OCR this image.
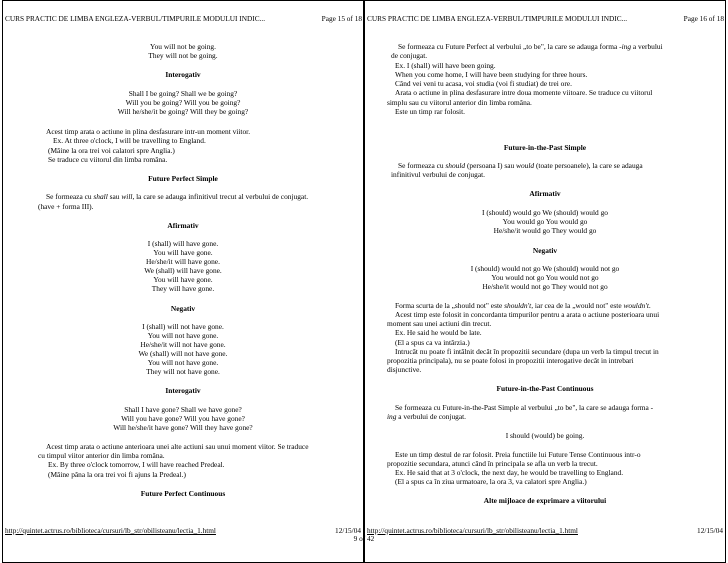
CURS PRACTIC DE LIMBA ENGLEZA-VERBUL/TIMPURILE MODULUI INDIC...	Page 15 of 18
You will not be going.
They will not be going.
Interogativ
Shall I be going? Shall we be going?
Will you be going? Will you be going?
Will he/she/it be going? Will they be going?
Acest timp arata o actiune in plina desfasurare intr-un moment viitor.
Ex. At three o'clock, I will be travelling to England.
(Mâine la ora trei voi calatori spre Anglia.)
Se traduce cu viitorul din limba româna.
Future Perfect Simple
Se formeaza cu shall sau will, la care se adauga infinitivul trecut al verbului de conjugat.
(have + forma III).
Afirmativ
I (shall) will have gone.
You will have gone.
He/she/it will have gone.
We (shall) will have gone.
You will have gone.
They will have gone.
Negativ
I (shall) will not have gone.
You will not have gone.
He/she/it will not have gone.
We (shall) will not have gone.
You will not have gone.
They will not have gone.
Interogativ
Shall I have gone? Shall we have gone?
Will you have gone? Will you have gone?
Will he/she/it have gone? Will they have gone?
Acest timp arata o actiune anterioara unei alte actiuni sau unui moment viitor. Se traduce
cu timpul viitor anterior din limba româna.
Ex. By three o'clock tomorrow, I will have reached Predeal.
(Mâine pâna la ora trei voi fi ajuns la Predeal.)
Future Perfect Continuous
http://quintet.actrus.ro/biblioteca/cursuri/lb_str/obilisteanu/lectia_1.html	12/15/04
CURS PRACTIC DE LIMBA ENGLEZA-VERBUL/TIMPURILE MODULUI INDIC...	Page 16 of 18
Se formeaza cu Future Perfect al verbului „to be", la care se adauga forma -ing a verbului
de conjugat.
Ex. I (shall) will have been going.
When you come home, I will have been studying for three hours.
Când vei veni tu acasa, voi studia (voi fi studiat) de trei ore.
Arata o actiune in plina desfasurare intre doua momente viitoare. Se traduce cu viitorul
simplu sau cu viitorul anterior din limba româna.
Este un timp rar folosit.
Future-in-the-Past Simple
Se formeaza cu should (persoana I) sau would (toate persoanele), la care se adauga
infinitivul verbului de conjugat.
Afirmativ
I (should) would go We (should) would go
You would go You would go
He/she/it would go They would go
Negativ
I (should) would not go We (should) would not go
You would not go You would not go
He/she/it would not go They would not go
Forma scurta de la „should not" este shouldn't, iar cea de la „would not" este wouldn't.
Acest timp este folosit in concordanta timpurilor pentru a arata o actiune posterioara unui
moment sau unei actiuni din trecut.
Ex. He said he would be late.
(El a spus ca va intârzia.)
Intrucât nu poate fi intâlnit decât în propozitii secundare (dupa un verb la timpul trecut in
propozitia principala), nu se poate folosi in propozitii interogative decât in intrebari
disjunctive.
Future-in-the-Past Continuous
Se formeaza cu Future-in-the-Past Simple al verbului „to be", la care se adauga forma -
ing a verbului de conjugat.
I should (would) be going.
Este un timp destul de rar folosit. Preia functiile lui Future Tense Continuous intr-o
propozitie secundara, atunci când în principala se afla un verb la trecut.
Ex. He said that at 3 o'clock, the next day, he would be travelling to England.
(El a spus ca în ziua urmatoare, la ora 3, va calatori spre Anglia.)
Alte mijloace de exprimare a viitorului
http://quintet.actrus.ro/biblioteca/cursuri/lb_str/obilisteanu/lectia_1.html	12/15/04
9 of 42
